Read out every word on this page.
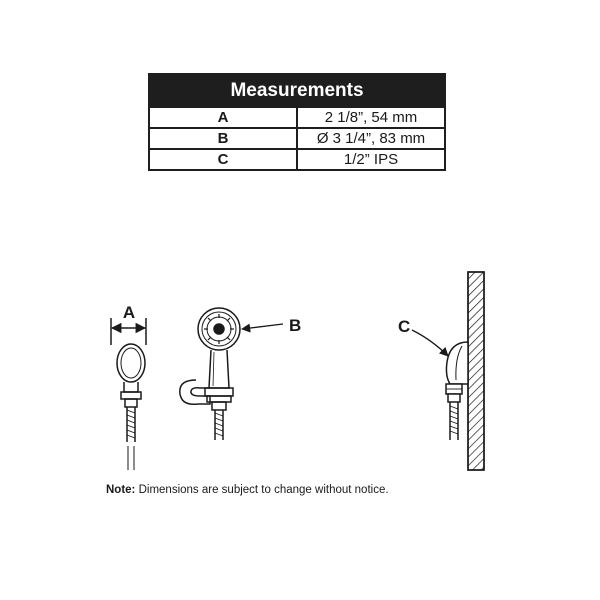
Measurements	
A	2 1/8”, 54 mm
B	Ø 3 1/4”, 83 mm
C	1/2” IPS
A
B	C
Note: Dimensions are subject to change without notice.
